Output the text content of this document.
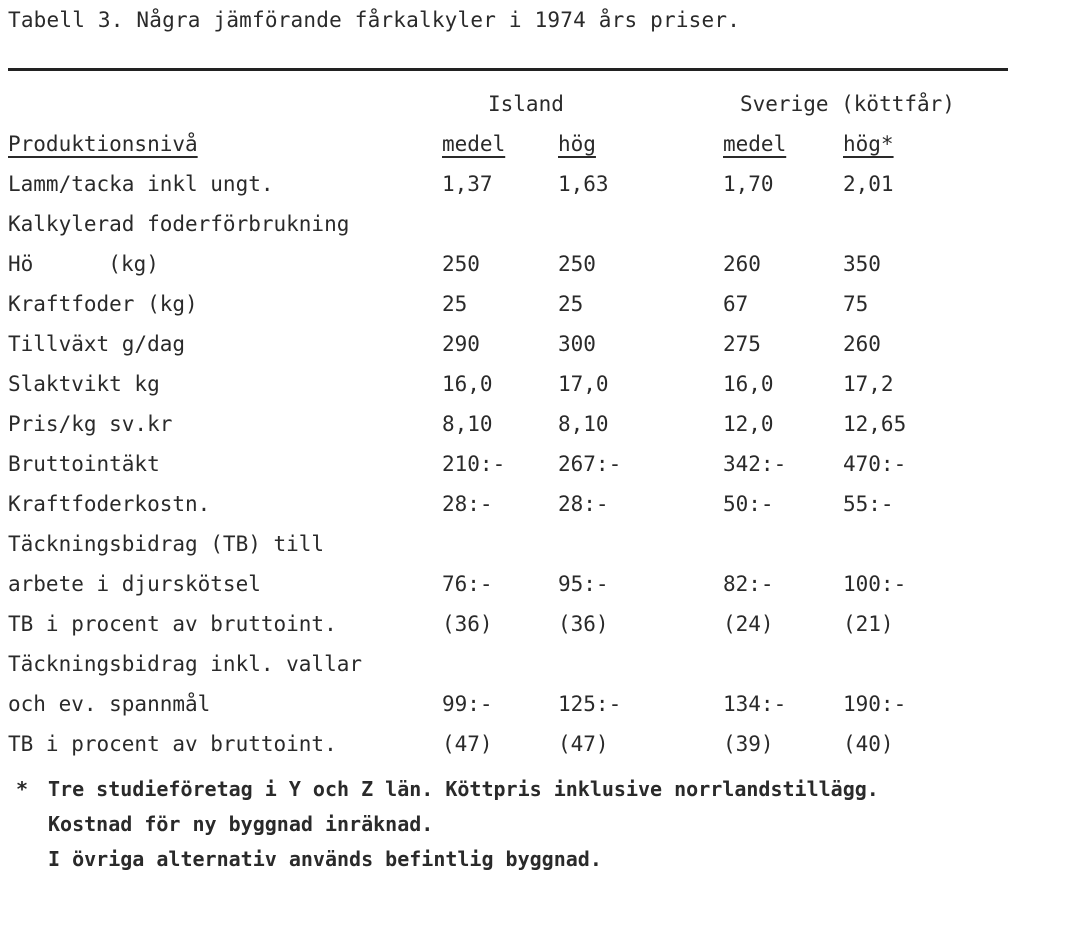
Tabell 3. Några jämförande fårkalkyler i 1974 års priser.
Island	Sverige (köttfår)
Produktionsnivå	medel	hög	medel	hög*
Lamm/tacka inkl ungt.	1,37	1,63	1,70	2,01
Kalkylerad foderförbrukning
Hö	(kg)	250	250	260	350
Kraftfoder (kg)	25	25	67	75
Tillväxt g/dag	290	300	275	260
Slaktvikt kg	16,0	17,0	16,0	17,2
Pris/kg sv.kr	8,10	8,10	12,0	12,65
Bruttointäkt	210:-	267:-	342:-	470:-
Kraftfoderkostn.	28:-	28:-	50:-	55:-
Täckningsbidrag (TB) till
arbete i djurskötsel	76:-	95:-	82:-	100:-
TB i procent av bruttoint.	(36)	(36)	(24)	(21)
Täckningsbidrag inkl. vallar
och ev. spannmål	99:-	125:-	134:-	190:-
TB i procent av bruttoint.	(47)	(47)	(39)	(40)
* Tre studieföretag i Y och Z län. Köttpris inklusive norrlandstillägg.
Kostnad för ny byggnad inräknad.
I övriga alternativ används befintlig byggnad.
